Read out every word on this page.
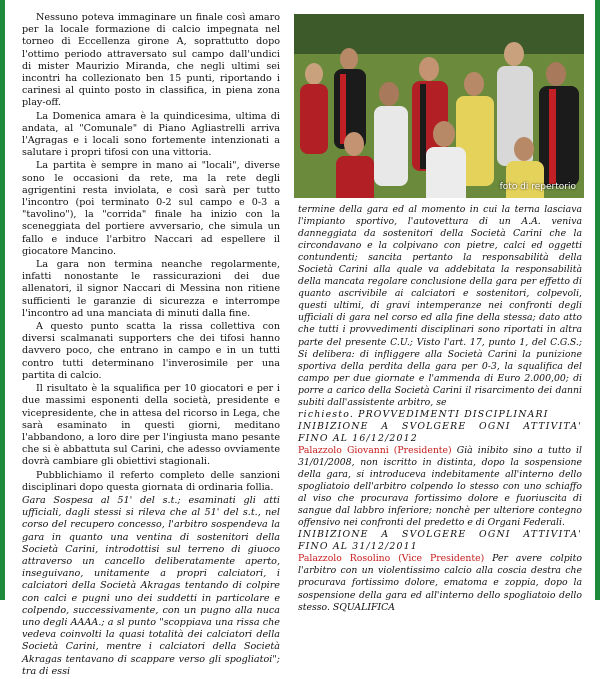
Nessuno poteva immaginare un finale così amaro per la locale formazione di calcio impegnata nel torneo di Eccellenza girone A, soprattutto dopo l'ottimo periodo attraversato sul campo dall'undici di mister Maurizio Miranda, che negli ultimi sei incontri ha collezionato ben 15 punti, riportando i carinesi al quinto posto in classifica, in piena zona play-off.

La Domenica amara è la quindicesima, ultima di andata, al "Comunale" di Piano Agliastrelli arriva l'Agragas e i locali sono fortemente intenzionati a salutare i propri tifosi con una vittoria.

La partita è sempre in mano ai "locali", diverse sono le occasioni da rete, ma la rete degli agrigentini resta inviolata, e così sarà per tutto l'incontro (poi terminato 0-2 sul campo e 0-3 a "tavolino"), la "corrida" finale ha inizio con la sceneggiata del portiere avversario, che simula un fallo e induce l'arbitro Naccari ad espellere il giocatore Mancino.

La gara non termina neanche regolarmente, infatti nonostante le rassicurazioni dei due allenatori, il signor Naccari di Messina non ritiene sufficienti le garanzie di sicurezza e interrompe l'incontro ad una manciata di minuti dalla fine.

A questo punto scatta la rissa collettiva con diversi scalmanati supporters che dei tifosi hanno davvero poco, che entrano in campo e in un tutti contro tutti determinano l'inverosimile per una partita di calcio.

Il risultato è la squalifica per 10 giocatori e per i due massimi esponenti della società, presidente e vicepresidente, che in attesa del ricorso in Lega, che sarà esaminato in questi giorni, meditano l'abbandono, a loro dire per l'ingiusta mano pesante che si è abbattuta sul Carini, che adesso ovviamente dovrà cambiare gli obiettivi stagionali.

Pubblichiamo il referto completo delle sanzioni disciplinari dopo questa giornata di ordinaria follia.

Gara Sospesa al 51' del s.t.; esaminati gli atti ufficiali, dagli stessi si rileva che al 51' del s.t., nel corso del recupero concesso, l'arbitro sospendeva la gara in quanto una ventina di sostenitori della Società Carini, introdottisi sul terreno di giuoco attraverso un cancello deliberatamente aperto, inseguivano, unitamente a propri calciatori, i calciatori della Società Akragas tentando di colpire con calci e pugni uno dei suddetti in particolare e colpendo, successivamente, con un pugno alla nuca uno degli AAAA.; a sl punto "scoppiava una rissa che vedeva coinvolti la quasi totalità dei calciatori della Società Carini, mentre i calciatori della Società Akragas tentavano di scappare verso gli spogliatoi"; tra di essi

foto di repertorio

termine della gara ed al momento in cui la terna lasciava l'impianto sportivo, l'autovettura di un A.A. veniva danneggiata da sostenitori della Società Carini che la circondavano e la colpivano con pietre, calci ed oggetti contundenti; sancita pertanto la responsabilità della Società Carini alla quale va addebitata la responsabilità della mancata regolare conclusione della gara per effetto di quanto ascrivibile ai calciatori e sostenitori, colpevoli, questi ultimi, di gravi intemperanze nei confronti degli ufficiali di gara nel corso ed alla fine della stessa; dato atto che tutti i provvedimenti disciplinari sono riportati in altra parte del presente C.U.; Visto l'art. 17, punto 1, del C.G.S.; Si delibera: di infliggere alla Società Carini la punizione sportiva della perdita della gara per 0-3, la squalifica del campo per due giornate e l'ammenda di Euro 2.000,00; di porre a carico della Società Carini il risarcimento dei danni subiti dall'assistente arbitro, se

richiesto. PROVVEDIMENTI DISCIPLINARI

INIBIZIONE A SVOLGERE OGNI ATTIVITA' FINO AL 16/12/2012

Palazzolo Giovanni (Presidente) Già inibito sino a tutto il 31/01/2008, non iscritto in distinta, dopo la sospensione della gara, si introduceva indebitamente all'interno dello spogliatoio dell'arbitro colpendo lo stesso con uno schiaffo al viso che procurava fortissimo dolore e fuoriuscita di sangue dal labbro inferiore; nonchè per ulteriore contegno offensivo nei confronti del predetto e di Organi Federali.

INIBIZIONE A SVOLGERE OGNI ATTIVITA' FINO AL 31/12/2011

Palazzolo Rosolino (Vice Presidente) Per avere colpito l'arbitro con un violentissimo calcio alla coscia destra che procurava fortissimo dolore, ematoma e zoppia, dopo la sospensione della gara ed all'interno dello spogliatoio dello stesso. SQUALIFICA
